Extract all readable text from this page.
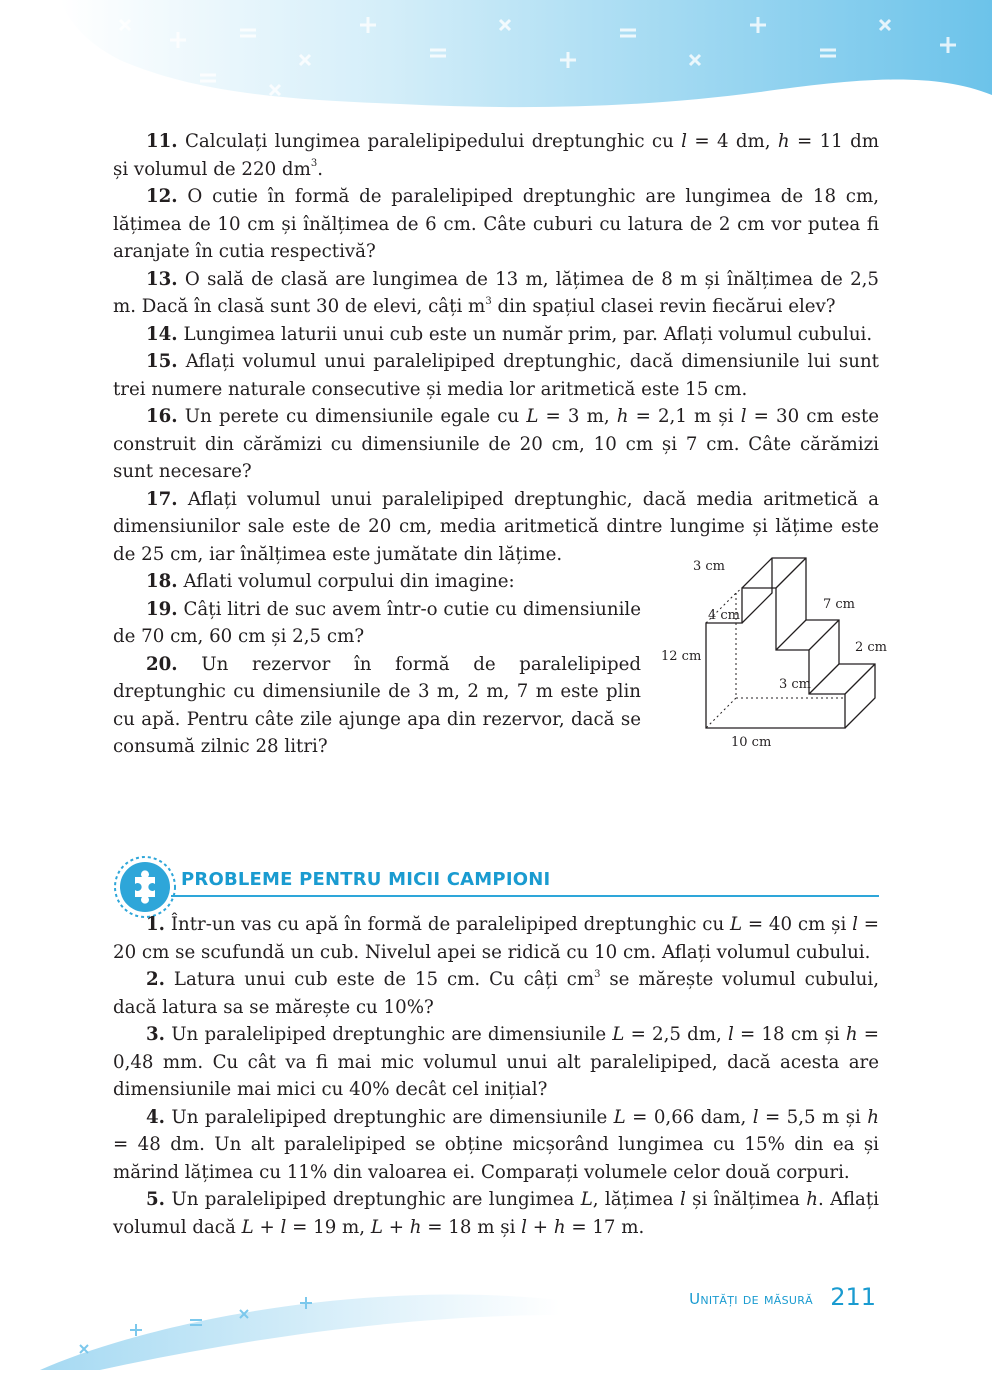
11. Calculați lungimea paralelipipedului dreptunghic cu l = 4 dm, h = 11 dm și volumul de 220 $dm^3$.

12. O cutie în formă de paralelipiped dreptunghic are lungimea de 18 cm, lățimea de 10 cm și înălțimea de 6 cm. Câte cuburi cu latura de 2 cm vor putea fi aranjate în cutia respectivă?

13. O sală de clasă are lungimea de 13 m, lățimea de 8 m și înălțimea de 2,5 m. Dacă în clasă sunt 30 de elevi, câți $m^3$ din spațiul clasei revin fiecărui elev?

14. Lungimea laturii unui cub este un număr prim, par. Aflați volumul cubului.

15. Aflați volumul unui paralelipiped dreptunghic, dacă dimensiunile lui sunt trei numere naturale consecutive și media lor aritmetică este 15 cm.

16. Un perete cu dimensiunile egale cu L = 3 m, h = 2,1 m și l = 30 cm este construit din cărămizi cu dimensiunile de 20 cm, 10 cm și 7 cm. Câte cărămizi sunt necesare?

17. Aflați volumul unui paralelipiped dreptunghic, dacă media aritmetică a dimensiunilor sale este de 20 cm, media aritmetică dintre lungime și lățime este de 25 cm, iar înălțimea este jumătate din lățime.

18. Aflati volumul corpului din imagine:

19. Câți litri de suc avem într-o cutie cu dimensiunile de 70 cm, 60 cm și 2,5 cm?

20. Un rezervor în formă de paralelipiped dreptunghic cu dimensiunile de 3 m, 2 m, 7 m este plin cu apă. Pentru câte zile ajunge apa din rezervor, dacă se consumă zilnic 28 litri?

3 cm
4 cm
7 cm
12 cm
2 cm
3 cm
10 cm
PROBLEME PENTRU MICII CAMPIONI

1. Într-un vas cu apă în formă de paralelipiped dreptunghic cu L = 40 cm și l = 20 cm se scufundă un cub. Nivelul apei se ridică cu 10 cm. Aflați volumul cubului.

2. Latura unui cub este de 15 cm. Cu câți $cm^3$ se mărește volumul cubului, dacă latura sa se mărește cu 10%?

3. Un paralelipiped dreptunghic are dimensiunile L = 2,5 dm, l = 18 cm și h = 0,48 mm. Cu cât va fi mai mic volumul unui alt paralelipiped, dacă acesta are dimensiunile mai mici cu 40% decât cel inițial?

4. Un paralelipiped dreptunghic are dimensiunile L = 0,66 dam, l = 5,5 m și h = 48 dm. Un alt paralelipiped se obține micșorând lungimea cu 15% din ea și mărind lățimea cu 11% din valoarea ei. Comparați volumele celor două corpuri.

5. Un paralelipiped dreptunghic are lungimea L, lățimea l și înălțimea h. Aflați volumul dacă L + l = 19 m, L + h = 18 m și l + h = 17 m.

Unități de măsură 211
